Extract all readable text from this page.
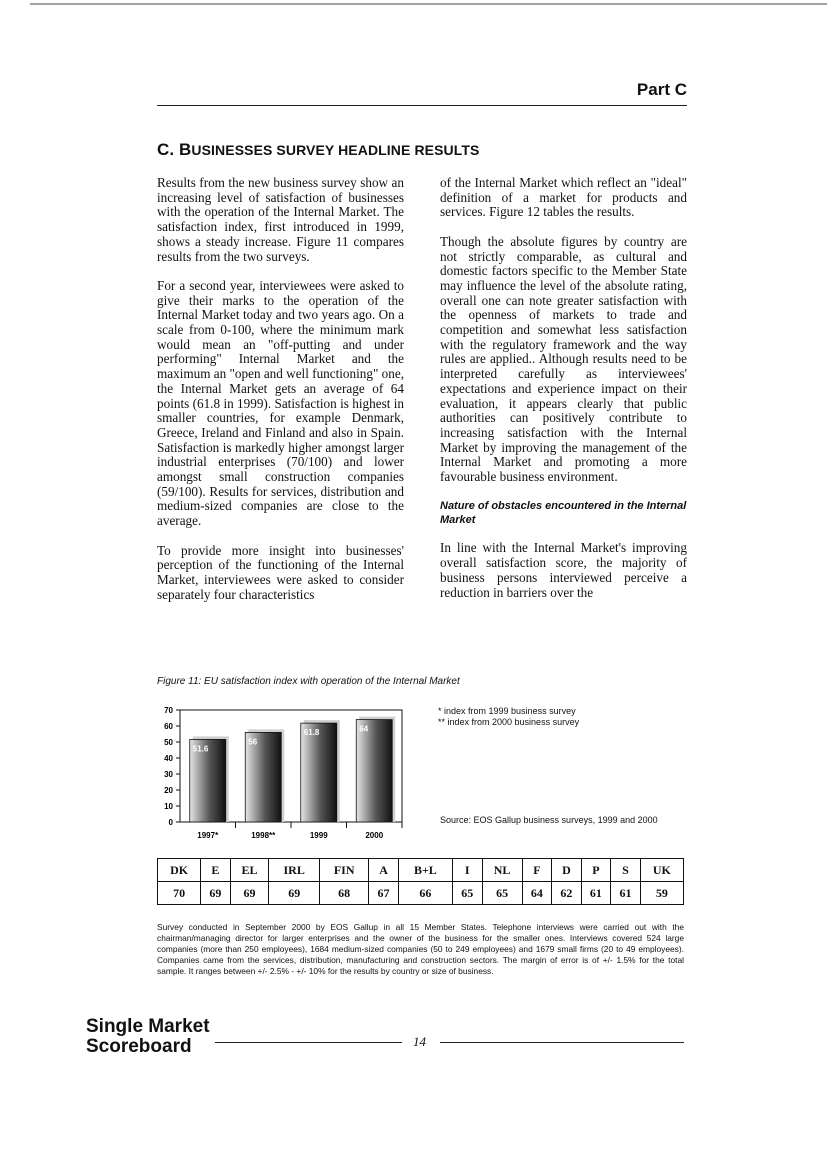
Part C
C. BUSINESSES SURVEY HEADLINE RESULTS

Results from the new business survey show an increasing level of satisfaction of businesses with the operation of the Internal Market. The satisfaction index, first introduced in 1999, shows a steady increase. Figure 11 compares results from the two surveys.

For a second year, interviewees were asked to give their marks to the operation of the Internal Market today and two years ago. On a scale from 0-100, where the minimum mark would mean an "off-putting and under performing" Internal Market and the maximum an "open and well functioning" one, the Internal Market gets an average of 64 points (61.8 in 1999). Satisfaction is highest in smaller countries, for example Denmark, Greece, Ireland and Finland and also in Spain. Satisfaction is markedly higher amongst larger industrial enterprises (70/100) and lower amongst small construction companies (59/100). Results for services, distribution and medium-sized companies are close to the average.

To provide more insight into businesses' perception of the functioning of the Internal Market, interviewees were asked to consider separately four characteristics

of the Internal Market which reflect an "ideal" definition of a market for products and services. Figure 12 tables the results.

Though the absolute figures by country are not strictly comparable, as cultural and domestic factors specific to the Member State may influence the level of the absolute rating, overall one can note greater satisfaction with the openness of markets to trade and competition and somewhat less satisfaction with the regulatory framework and the way rules are applied.. Although results need to be interpreted carefully as interviewees' expectations and experience impact on their evaluation, it appears clearly that public authorities can positively contribute to increasing satisfaction with the Internal Market by improving the management of the Internal Market and promoting a more favourable business environment.

Nature of obstacles encountered in the Internal Market

In line with the Internal Market's improving overall satisfaction score, the majority of business persons interviewed perceive a reduction in barriers over the

Figure 11: EU satisfaction index with operation of the Internal Market
0
10
20
30
40
50
60
70
51.6
1997*
56
1998**
61.8
1999
64
2000
* index from 1999 business survey
** index from 2000 business survey
Source: EOS Gallup business surveys, 1999 and 2000
DK	E	EL	IRL	FIN	A	B+L	I	NL	F	D	P	S	UK
70	69	69	69	68	67	66	65	65	64	62	61	61	59
Survey conducted in September 2000 by EOS Gallup in all 15 Member States. Telephone interviews were carried out with the chairman/managing director for larger enterprises and the owner of the business for the smaller ones. Interviews covered 524 large companies (more than 250 employees), 1684 medium-sized companies (50 to 249 employees) and 1679 small firms (20 to 49 employees). Companies came from the services, distribution, manufacturing and construction sectors. The margin of error is of +/- 1.5% for the total sample. It ranges between +/- 2.5% - +/- 10% for the results by country or size of business.
Single Market
Scoreboard	14
